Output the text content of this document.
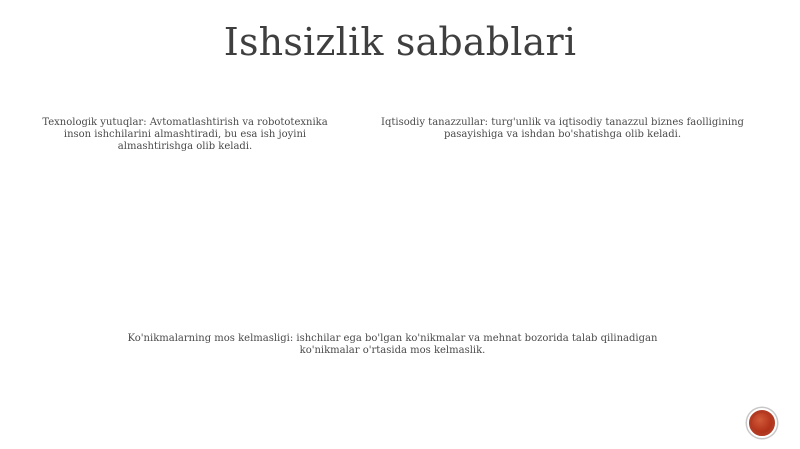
Ishsizlik sabablari
Texnologik yutuqlar: Avtomatlashtirish va robototexnika inson ishchilarini almashtiradi, bu esa ish joyini almashtirishga olib keladi.
Iqtisodiy tanazzullar: turg'unlik va iqtisodiy tanazzul biznes faolligining pasayishiga va ishdan bo'shatishga olib keladi.
Ko'nikmalarning mos kelmasligi: ishchilar ega bo'lgan ko'nikmalar va mehnat bozorida talab qilinadigan ko'nikmalar o'rtasida mos kelmaslik.
